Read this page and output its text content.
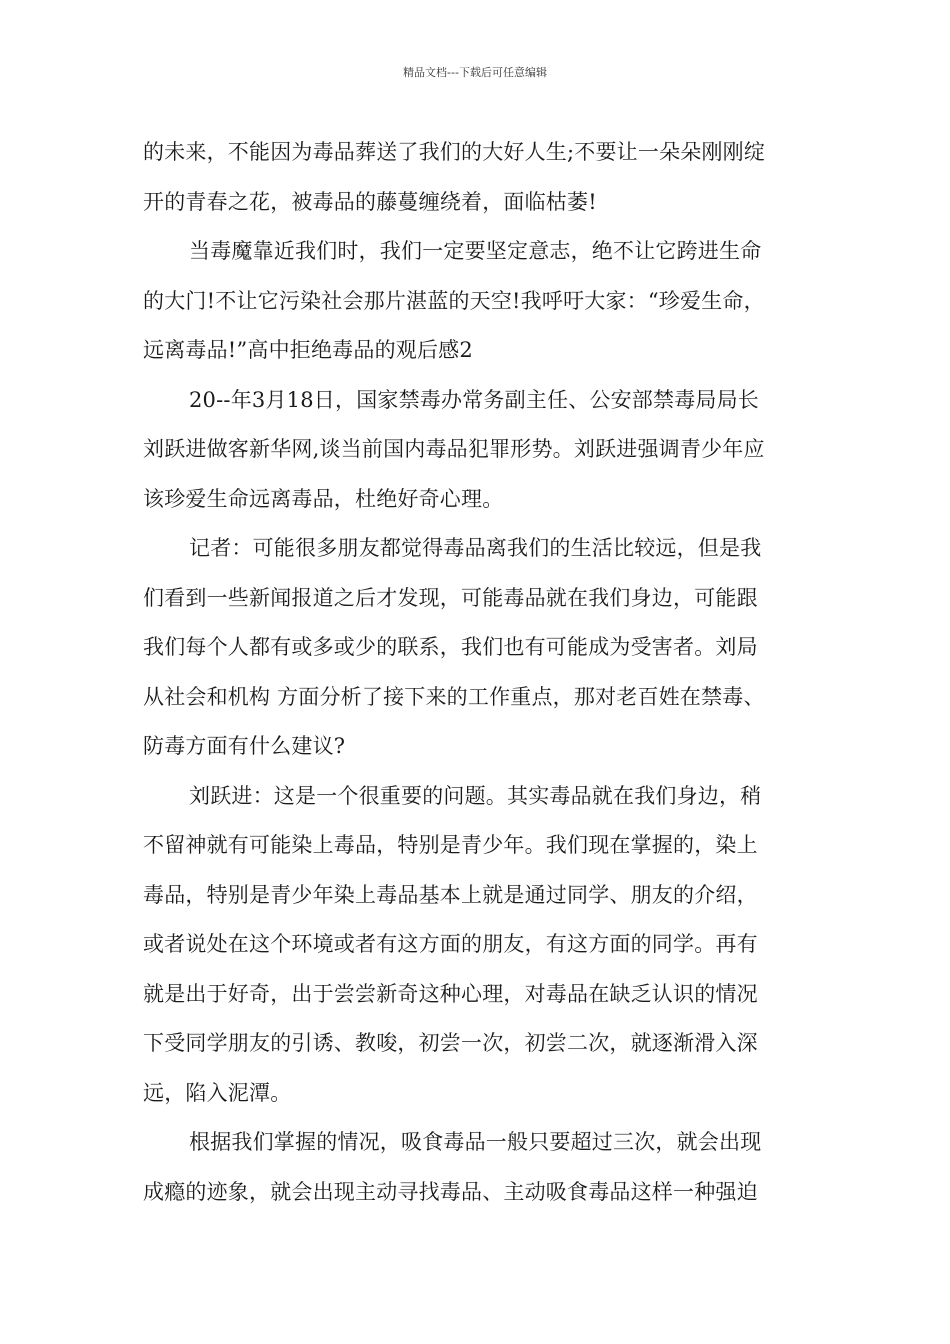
精品文档---下载后可任意编辑
的未来，不能因为毒品葬送了我们的大好人生;不要让一朵朵刚刚绽
开的青春之花，被毒品的藤蔓缠绕着，面临枯萎!
当毒魔靠近我们时，我们一定要坚定意志，绝不让它跨进生命
的大门!不让它污染社会那片湛蓝的天空!我呼吁大家：“珍爱生命，
远离毒品!”高中拒绝毒品的观后感2
20--年3月18日，国家禁毒办常务副主任、公安部禁毒局局长
刘跃进做客新华网,谈当前国内毒品犯罪形势。刘跃进强调青少年应
该珍爱生命远离毒品，杜绝好奇心理。
记者：可能很多朋友都觉得毒品离我们的生活比较远，但是我
们看到一些新闻报道之后才发现，可能毒品就在我们身边，可能跟
我们每个人都有或多或少的联系，我们也有可能成为受害者。刘局
从社会和机构 方面分析了接下来的工作重点，那对老百姓在禁毒、
防毒方面有什么建议?
刘跃进：这是一个很重要的问题。其实毒品就在我们身边，稍
不留神就有可能染上毒品，特别是青少年。我们现在掌握的，染上
毒品，特别是青少年染上毒品基本上就是通过同学、朋友的介绍，
或者说处在这个环境或者有这方面的朋友，有这方面的同学。再有
就是出于好奇，出于尝尝新奇这种心理，对毒品在缺乏认识的情况
下受同学朋友的引诱、教唆，初尝一次，初尝二次，就逐渐滑入深
远，陷入泥潭。
根据我们掌握的情况，吸食毒品一般只要超过三次，就会出现
成瘾的迹象，就会出现主动寻找毒品、主动吸食毒品这样一种强迫
